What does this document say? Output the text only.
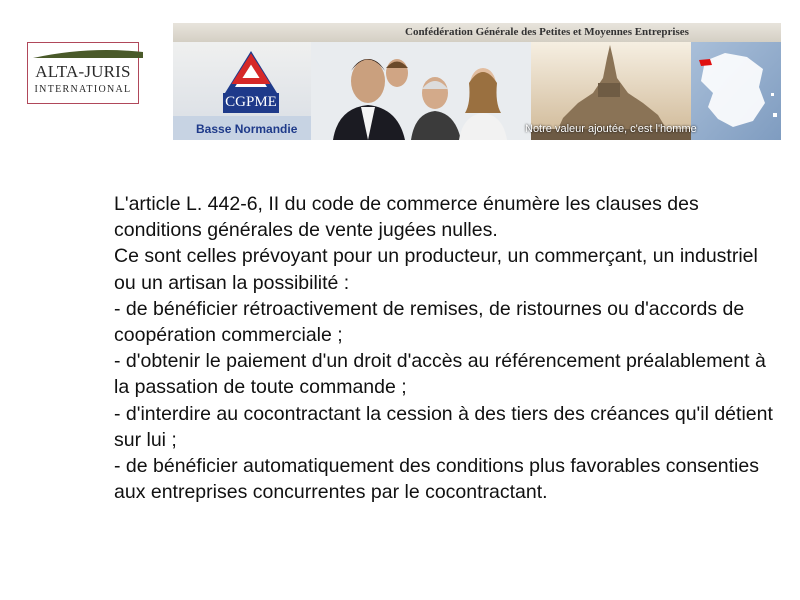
ALTA-JURIS
INTERNATIONAL
Confédération Générale des Petites et Moyennes Entreprises
CGPME
Basse Normandie	Notre valeur ajoutée, c'est l'homme

L'article L. 442-6, II du code de commerce énumère les clauses des conditions générales de vente jugées nulles.

Ce sont celles prévoyant pour un producteur, un commerçant, un industriel ou un artisan la possibilité :

- de bénéficier rétroactivement de remises, de ristournes ou d'accords de coopération commerciale ;

- d'obtenir le paiement d'un droit d'accès au référencement préalablement à la passation de toute commande ;

- d'interdire au cocontractant la cession à des tiers des créances qu'il détient sur lui ;

- de bénéficier automatiquement des conditions plus favorables consenties aux entreprises concurrentes par le cocontractant.
